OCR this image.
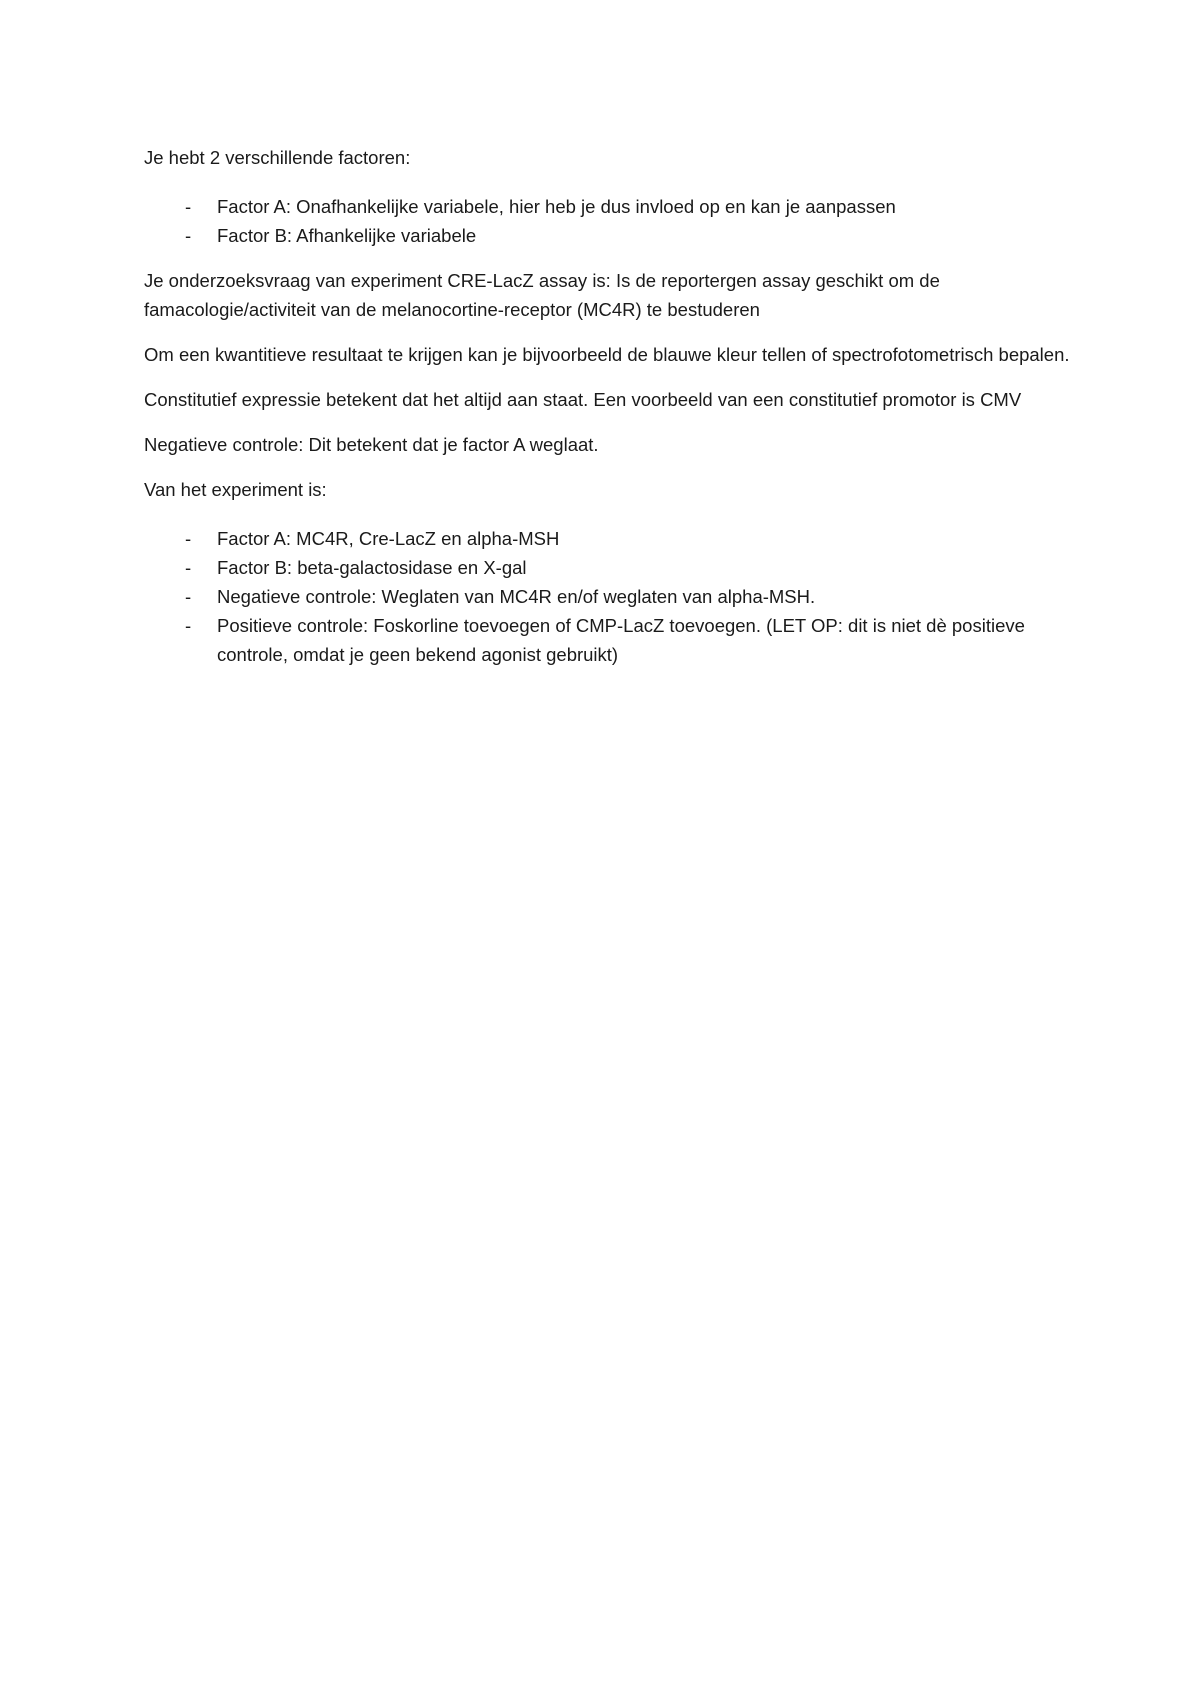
Je hebt 2 verschillende factoren:

- Factor A: Onafhankelijke variabele, hier heb je dus invloed op en kan je aanpassen
- Factor B: Afhankelijke variabele

Je onderzoeksvraag van experiment CRE-LacZ assay is: Is de reportergen assay geschikt om de famacologie/activiteit van de melanocortine-receptor (MC4R) te bestuderen

Om een kwantitieve resultaat te krijgen kan je bijvoorbeeld de blauwe kleur tellen of spectrofotometrisch bepalen.

Constitutief expressie betekent dat het altijd aan staat. Een voorbeeld van een constitutief promotor is CMV

Negatieve controle: Dit betekent dat je factor A weglaat.

Van het experiment is:

- Factor A: MC4R, Cre-LacZ en alpha-MSH
- Factor B: beta-galactosidase en X-gal
- Negatieve controle: Weglaten van MC4R en/of weglaten van alpha-MSH.
- Positieve controle: Foskorline toevoegen of CMP-LacZ toevoegen. (LET OP: dit is niet dè positieve controle, omdat je geen bekend agonist gebruikt)
